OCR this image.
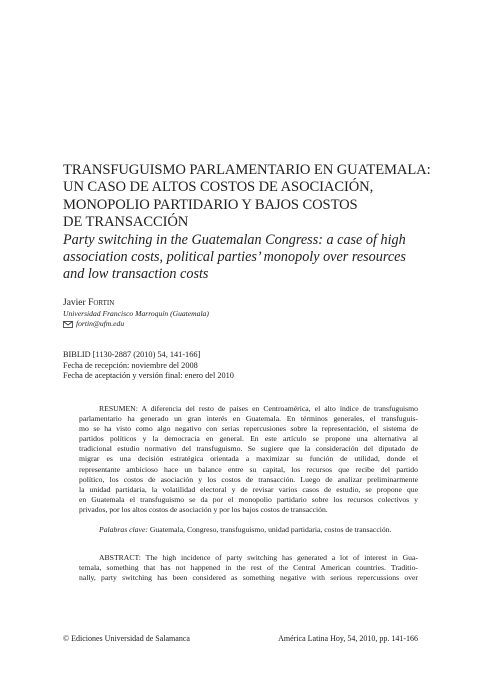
TRANSFUGUISMO PARLAMENTARIO EN GUATEMALA:
UN CASO DE ALTOS COSTOS DE ASOCIACIÓN,
MONOPOLIO PARTIDARIO Y BAJOS COSTOS
DE TRANSACCIÓN
Party switching in the Guatemalan Congress: a case of high
association costs, political parties’ monopoly over resources
and low transaction costs
Javier Fortin
Universidad Francisco Marroquín (Guatemala)
fortin@ufm.edu
BIBLID [1130-2887 (2010) 54, 141-166]
Fecha de recepción: noviembre del 2008
Fecha de aceptación y versión final: enero del 2010
RESUMEN: A diferencia del resto de países en Centroamérica, el alto índice de transfuguismo
parlamentario ha generado un gran interés en Guatemala. En términos generales, el transfuguis-
mo se ha visto como algo negativo con serias repercusiones sobre la representación, el sistema de
partidos políticos y la democracia en general. En este artículo se propone una alternativa al
tradicional estudio normativo del transfuguismo. Se sugiere que la consideración del diputado de
migrar es una decisión estratégica orientada a maximizar su función de utilidad, donde el
representante ambicioso hace un balance entre su capital, los recursos que recibe del partido
político, los costos de asociación y los costos de transacción. Luego de analizar preliminarmente
la unidad partidaria, la volatilidad electoral y de revisar varios casos de estudio, se propone que
en Guatemala el transfuguismo se da por el monopolio partidario sobre los recursos colectivos y
privados, por los altos costos de asociación y por los bajos costos de transacción.
Palabras clave: Guatemala, Congreso, transfuguismo, unidad partidaria, costos de transacción.
ABSTRACT: The high incidence of party switching has generated a lot of interest in Gua-
temala, something that has not happened in the rest of the Central American countries. Traditio-
nally, party switching has been considered as something negative with serious repercussions over
© Ediciones Universidad de Salamanca	América Latina Hoy, 54, 2010, pp. 141-166
